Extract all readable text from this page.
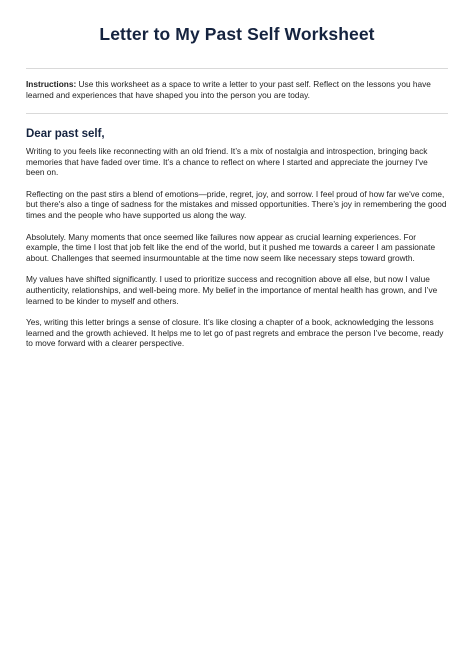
Letter to My Past Self Worksheet

Instructions: Use this worksheet as a space to write a letter to your past self. Reflect on the lessons you have learned and experiences that have shaped you into the person you are today.

Dear past self,

Writing to you feels like reconnecting with an old friend. It’s a mix of nostalgia and introspection, bringing back memories that have faded over time. It’s a chance to reflect on where I started and appreciate the journey I've been on.

Reflecting on the past stirs a blend of emotions—pride, regret, joy, and sorrow. I feel proud of how far we've come, but there's also a tinge of sadness for the mistakes and missed opportunities. There’s joy in remembering the good times and the people who have supported us along the way.

Absolutely. Many moments that once seemed like failures now appear as crucial learning experiences. For example, the time I lost that job felt like the end of the world, but it pushed me towards a career I am passionate about. Challenges that seemed insurmountable at the time now seem like necessary steps toward growth.

My values have shifted significantly. I used to prioritize success and recognition above all else, but now I value authenticity, relationships, and well-being more. My belief in the importance of mental health has grown, and I’ve learned to be kinder to myself and others.

Yes, writing this letter brings a sense of closure. It’s like closing a chapter of a book, acknowledging the lessons learned and the growth achieved. It helps me to let go of past regrets and embrace the person I’ve become, ready to move forward with a clearer perspective.
